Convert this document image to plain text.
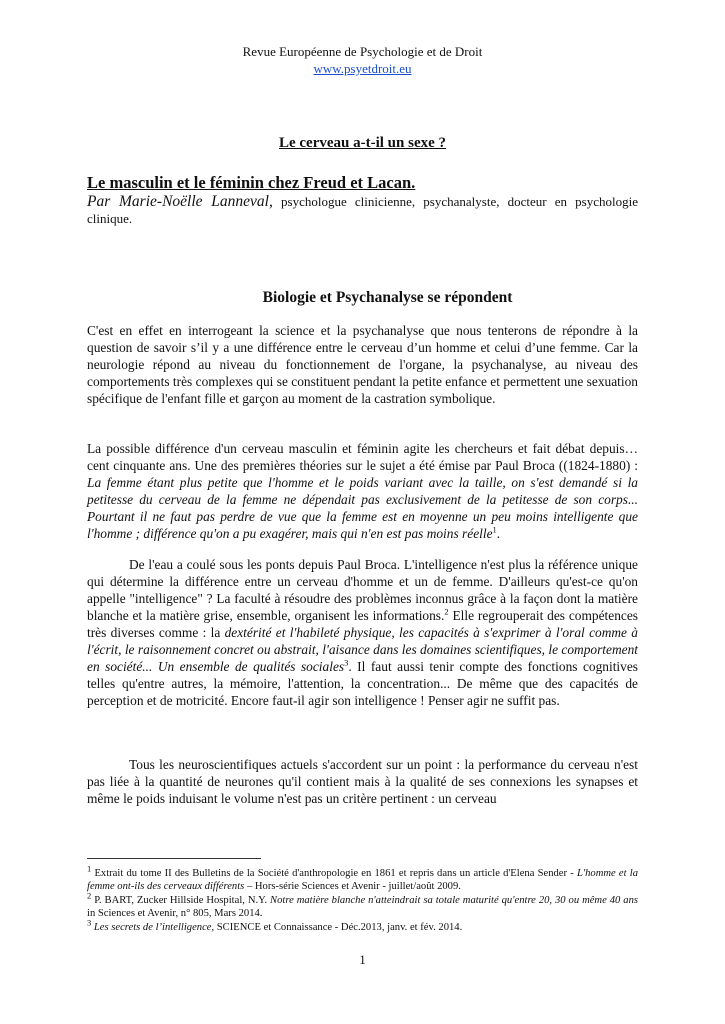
Revue Européenne de Psychologie et de Droit
www.psyetdroit.eu
Le cerveau a-t-il un sexe ?
Le masculin et le féminin chez Freud et Lacan.
Par Marie-Noëlle Lanneval, psychologue clinicienne, psychanalyste, docteur en psychologie clinique.
Biologie et Psychanalyse se répondent

C'est en effet en interrogeant la science et la psychanalyse que nous tenterons de répondre à la question de savoir s’il y a une différence entre le cerveau d’un homme et celui d’une femme. Car la neurologie répond au niveau du fonctionnement de l'organe, la psychanalyse, au niveau des comportements très complexes qui se constituent pendant la petite enfance et permettent une sexuation spécifique de l'enfant fille et garçon au moment de la castration symbolique.

La possible différence d'un cerveau masculin et féminin agite les chercheurs et fait débat depuis… cent cinquante ans. Une des premières théories sur le sujet a été émise par Paul Broca ((1824-1880) : La femme étant plus petite que l'homme et le poids variant avec la taille, on s'est demandé si la petitesse du cerveau de la femme ne dépendait pas exclusivement de la petitesse de son corps... Pourtant il ne faut pas perdre de vue que la femme est en moyenne un peu moins intelligente que l'homme ; différence qu'on a pu exagérer, mais qui n'en est pas moins réelle$^1$.

De l'eau a coulé sous les ponts depuis Paul Broca. L'intelligence n'est plus la référence unique qui détermine la différence entre un cerveau d'homme et un de femme. D'ailleurs qu'est-ce qu'on appelle "intelligence" ? La faculté à résoudre des problèmes inconnus grâce à la façon dont la matière blanche et la matière grise, ensemble, organisent les informations.$^2$ Elle regrouperait des compétences très diverses comme : la dextérité et l'habileté physique, les capacités à s'exprimer à l'oral comme à l'écrit, le raisonnement concret ou abstrait, l'aisance dans les domaines scientifiques, le comportement en société... Un ensemble de qualités sociales$^3$. Il faut aussi tenir compte des fonctions cognitives telles qu'entre autres, la mémoire, l'attention, la concentration... De même que des capacités de perception et de motricité. Encore faut-il agir son intelligence ! Penser agir ne suffit pas.

Tous les neuroscientifiques actuels s'accordent sur un point : la performance du cerveau n'est pas liée à la quantité de neurones qu'il contient mais à la qualité de ses connexions les synapses et même le poids induisant le volume n'est pas un critère pertinent : un cerveau

$^1$ Extrait du tome II des Bulletins de la Société d'anthropologie en 1861 et repris dans un article d'Elena Sender - L'homme et la femme ont-ils des cerveaux différents – Hors-série Sciences et Avenir - juillet/août 2009.
$^2$ P. BART, Zucker Hillside Hospital, N.Y. Notre matière blanche n'atteindrait sa totale maturité qu'entre 20, 30 ou même 40 ans in Sciences et Avenir, n° 805, Mars 2014.
$^3$ Les secrets de l’intelligence, SCIENCE et Connaissance - Déc.2013, janv. et fév. 2014.
1
